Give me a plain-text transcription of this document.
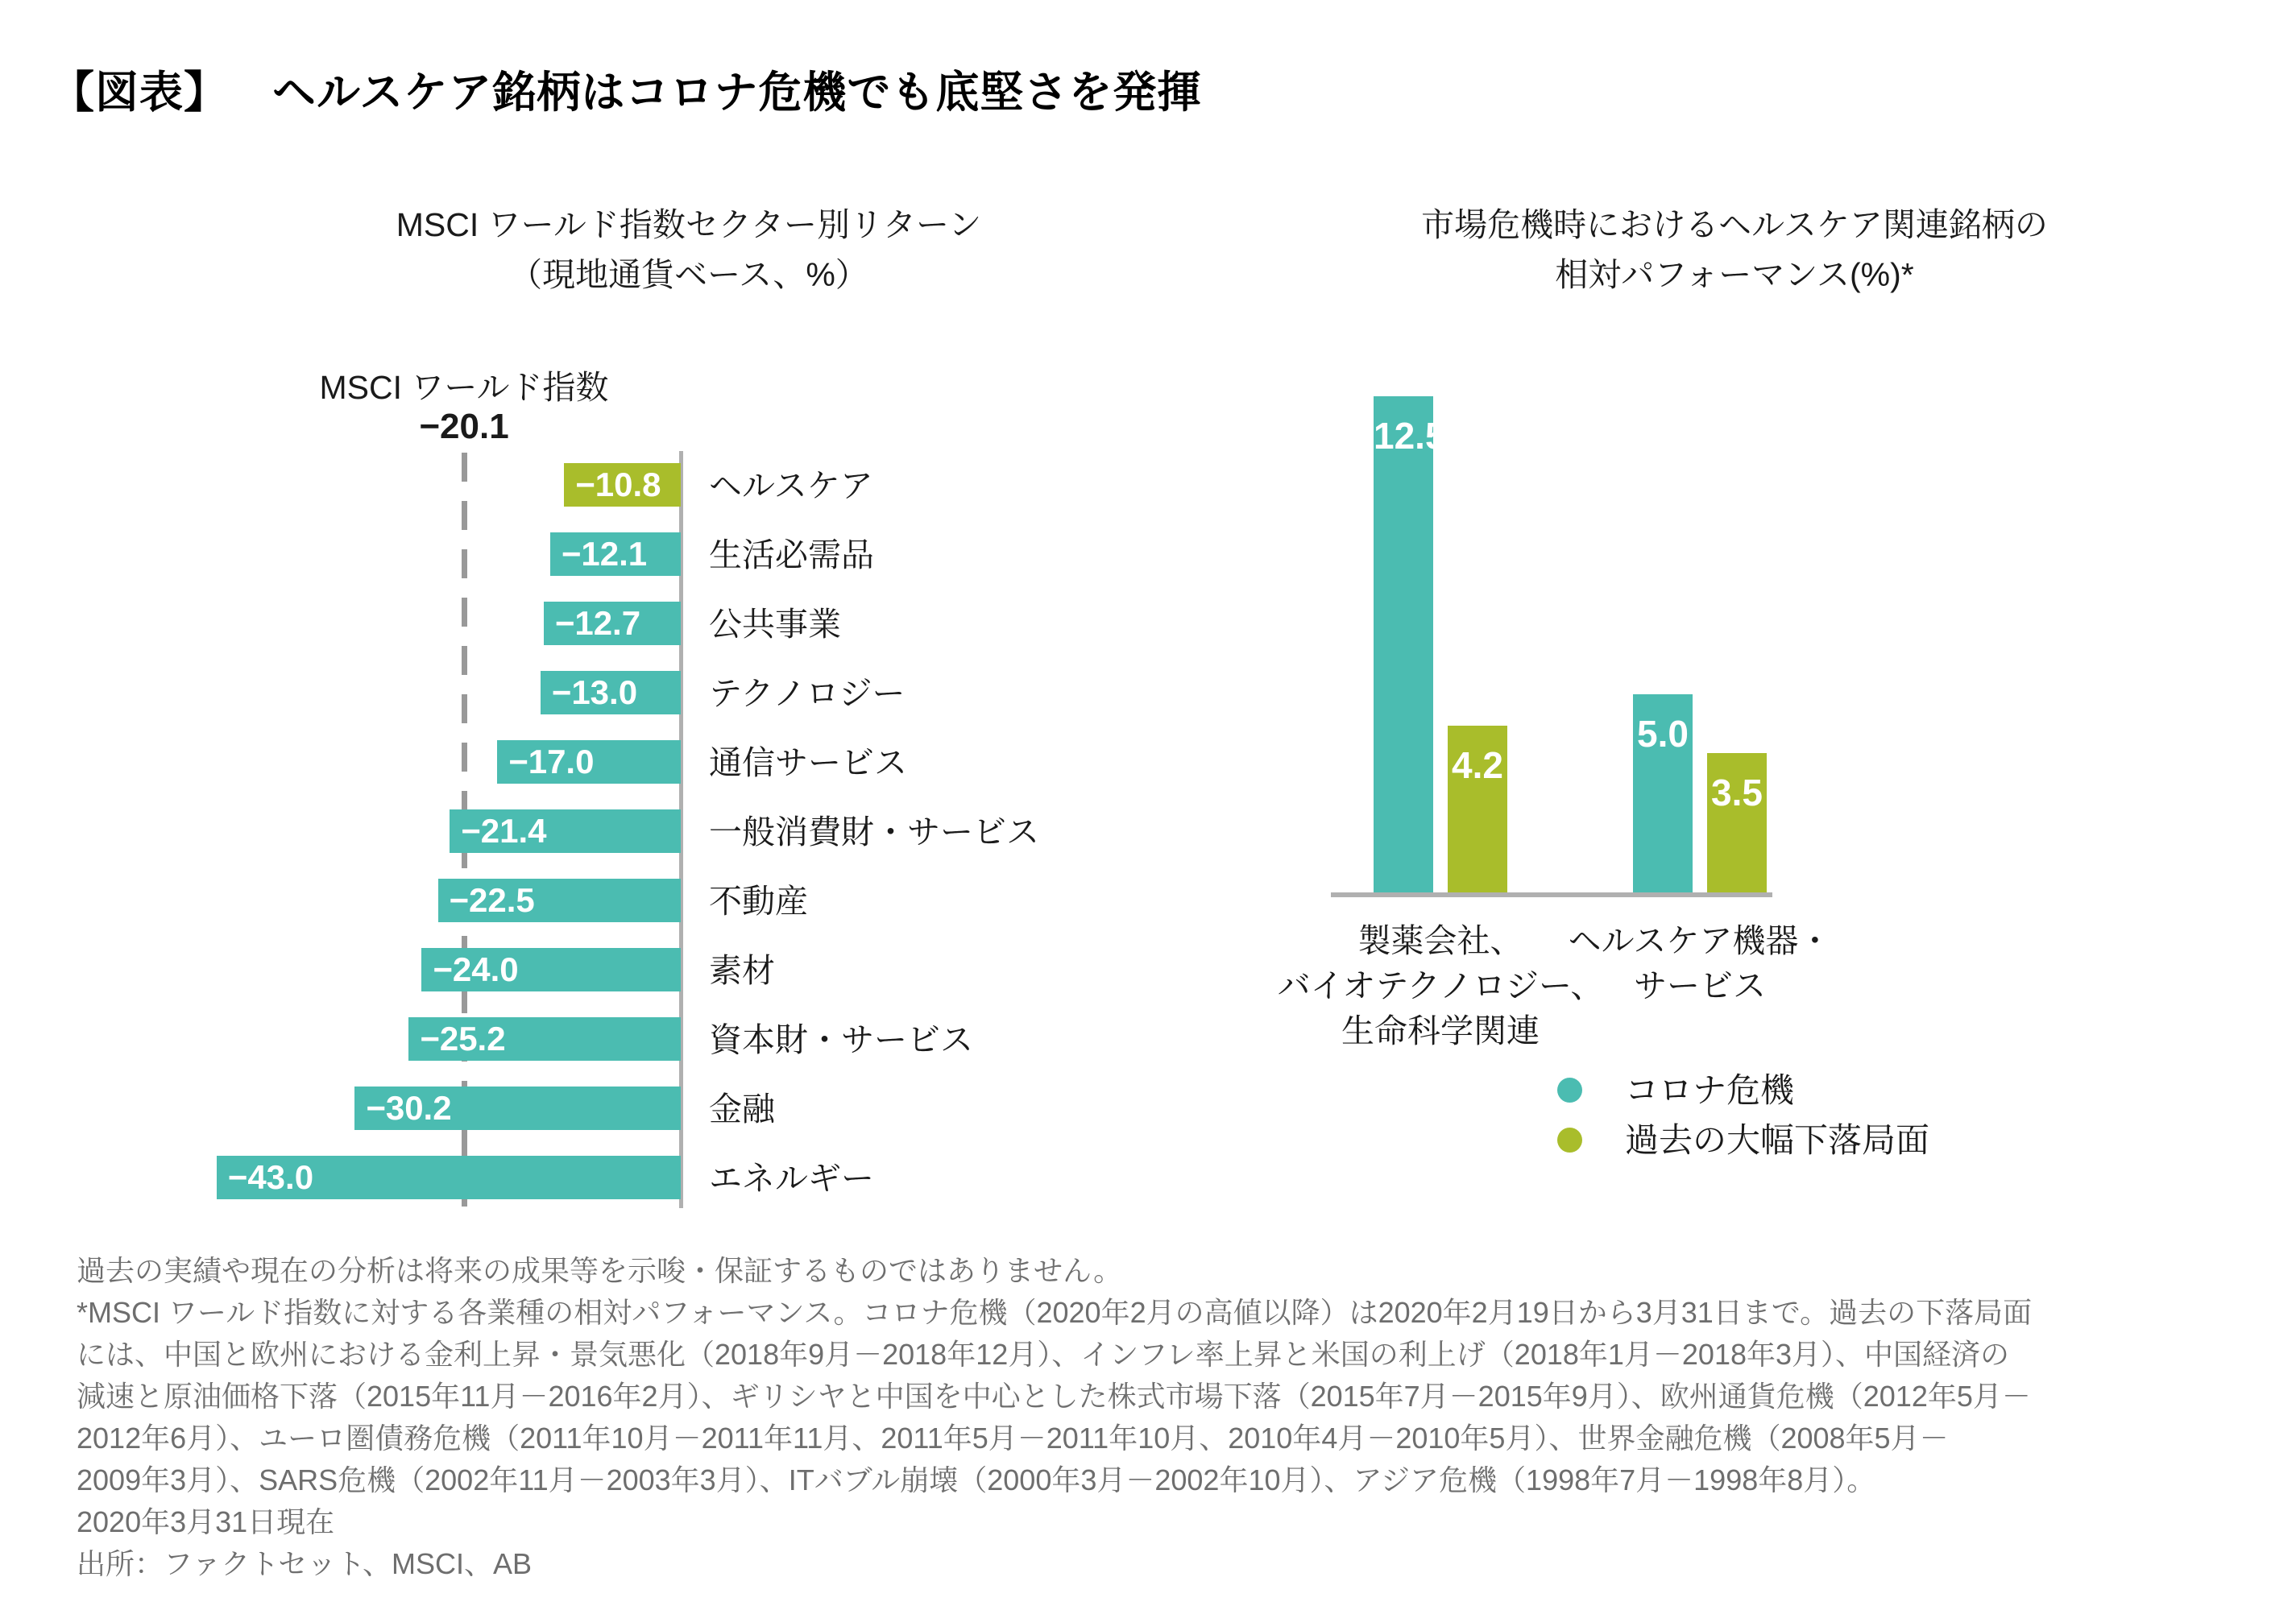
【図表】 ヘルスケア銘柄はコロナ危機でも底堅さを発揮
MSCI ワールド指数セクター別リターン
（現地通貨ベース、%）
市場危機時におけるヘルスケア関連銘柄の
相対パフォーマンス(%)*
MSCI ワールド指数
−20.1
−10.8 ヘルスケア
−12.1 生活必需品
−12.7 公共事業
−13.0 テクノロジー
−17.0	通信サービス
−21.4	一般消費財・サービス
−22.5	不動産
−24.0	素材
−25.2	資本財・サービス
−30.2	金融
−43.0	エネルギー
12.5
5.0
4.2
3.5
製薬会社、
バイオテクノロジー、
生命科学関連
ヘルスケア機器・
サービス
コロナ危機
過去の大幅下落局面
過去の実績や現在の分析は将来の成果等を示唆・保証するものではありません。
*MSCI ワールド指数に対する各業種の相対パフォーマンス。コロナ危機（2020年2月の高値以降）は2020年2月19日から3月31日まで。過去の下落局面
には、中国と欧州における金利上昇・景気悪化（2018年9月－2018年12月）、インフレ率上昇と米国の利上げ（2018年1月－2018年3月）、中国経済の
減速と原油価格下落（2015年11月－2016年2月）、ギリシヤと中国を中心とした株式市場下落（2015年7月－2015年9月）、欧州通貨危機（2012年5月－
2012年6月）、ユーロ圏債務危機（2011年10月－2011年11月、2011年5月－2011年10月、2010年4月－2010年5月）、世界金融危機（2008年5月－
2009年3月）、SARS危機（2002年11月－2003年3月）、ITバブル崩壊（2000年3月－2002年10月）、アジア危機（1998年7月－1998年8月）。
2020年3月31日現在
出所：ファクトセット、MSCI、AB
